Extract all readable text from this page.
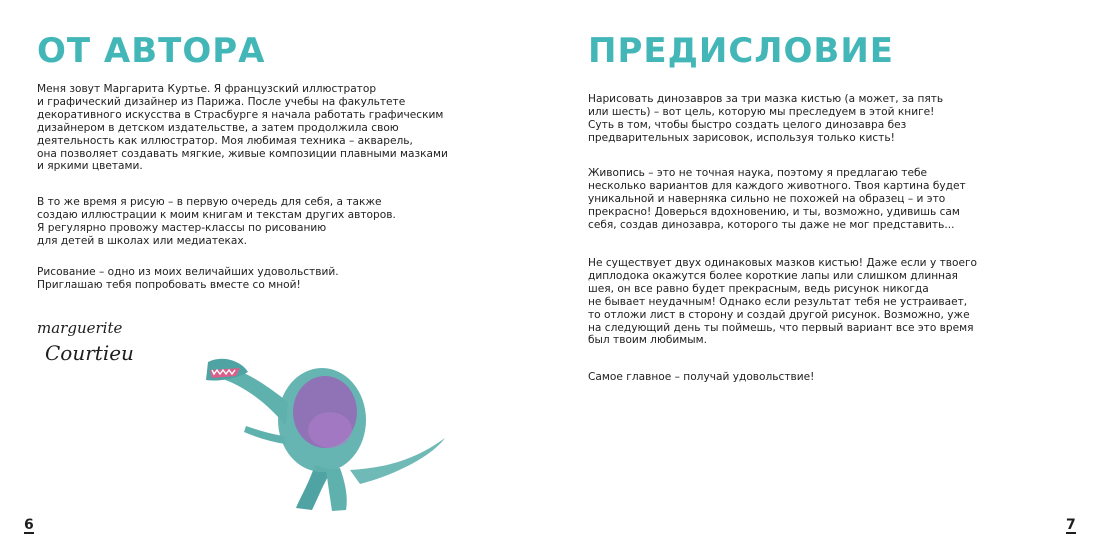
ОТ АВТОРА
Меня зовут Маргарита Куртье. Я французский иллюстратор
и графический дизайнер из Парижа. После учебы на факультете
декоративного искусства в Страсбурге я начала работать графическим
дизайнером в детском издательстве, а затем продолжила свою
деятельность как иллюстратор. Моя любимая техника – акварель,
она позволяет создавать мягкие, живые композиции плавными мазками
и яркими цветами.
В то же время я рисую – в первую очередь для себя, а также
создаю иллюстрации к моим книгам и текстам других авторов.
Я регулярно провожу мастер-классы по рисованию
для детей в школах или медиатеках.
Рисование – одно из моих величайших удовольствий.
Приглашаю тебя попробовать вместе со мной!
marguerite
Courtieu
6
ПРЕДИСЛОВИЕ
Нарисовать динозавров за три мазка кистью (а может, за пять
или шесть) – вот цель, которую мы преследуем в этой книге!
Суть в том, чтобы быстро создать целого динозавра без
предварительных зарисовок, используя только кисть!
Живопись – это не точная наука, поэтому я предлагаю тебе
несколько вариантов для каждого животного. Твоя картина будет
уникальной и наверняка сильно не похожей на образец – и это
прекрасно! Доверься вдохновению, и ты, возможно, удивишь сам
себя, создав динозавра, которого ты даже не мог представить...
Не существует двух одинаковых мазков кистью! Даже если у твоего
диплодока окажутся более короткие лапы или слишком длинная
шея, он все равно будет прекрасным, ведь рисунок никогда
не бывает неудачным! Однако если результат тебя не устраивает,
то отложи лист в сторону и создай другой рисунок. Возможно, уже
на следующий день ты поймешь, что первый вариант все это время
был твоим любимым.
Самое главное – получай удовольствие!
7
